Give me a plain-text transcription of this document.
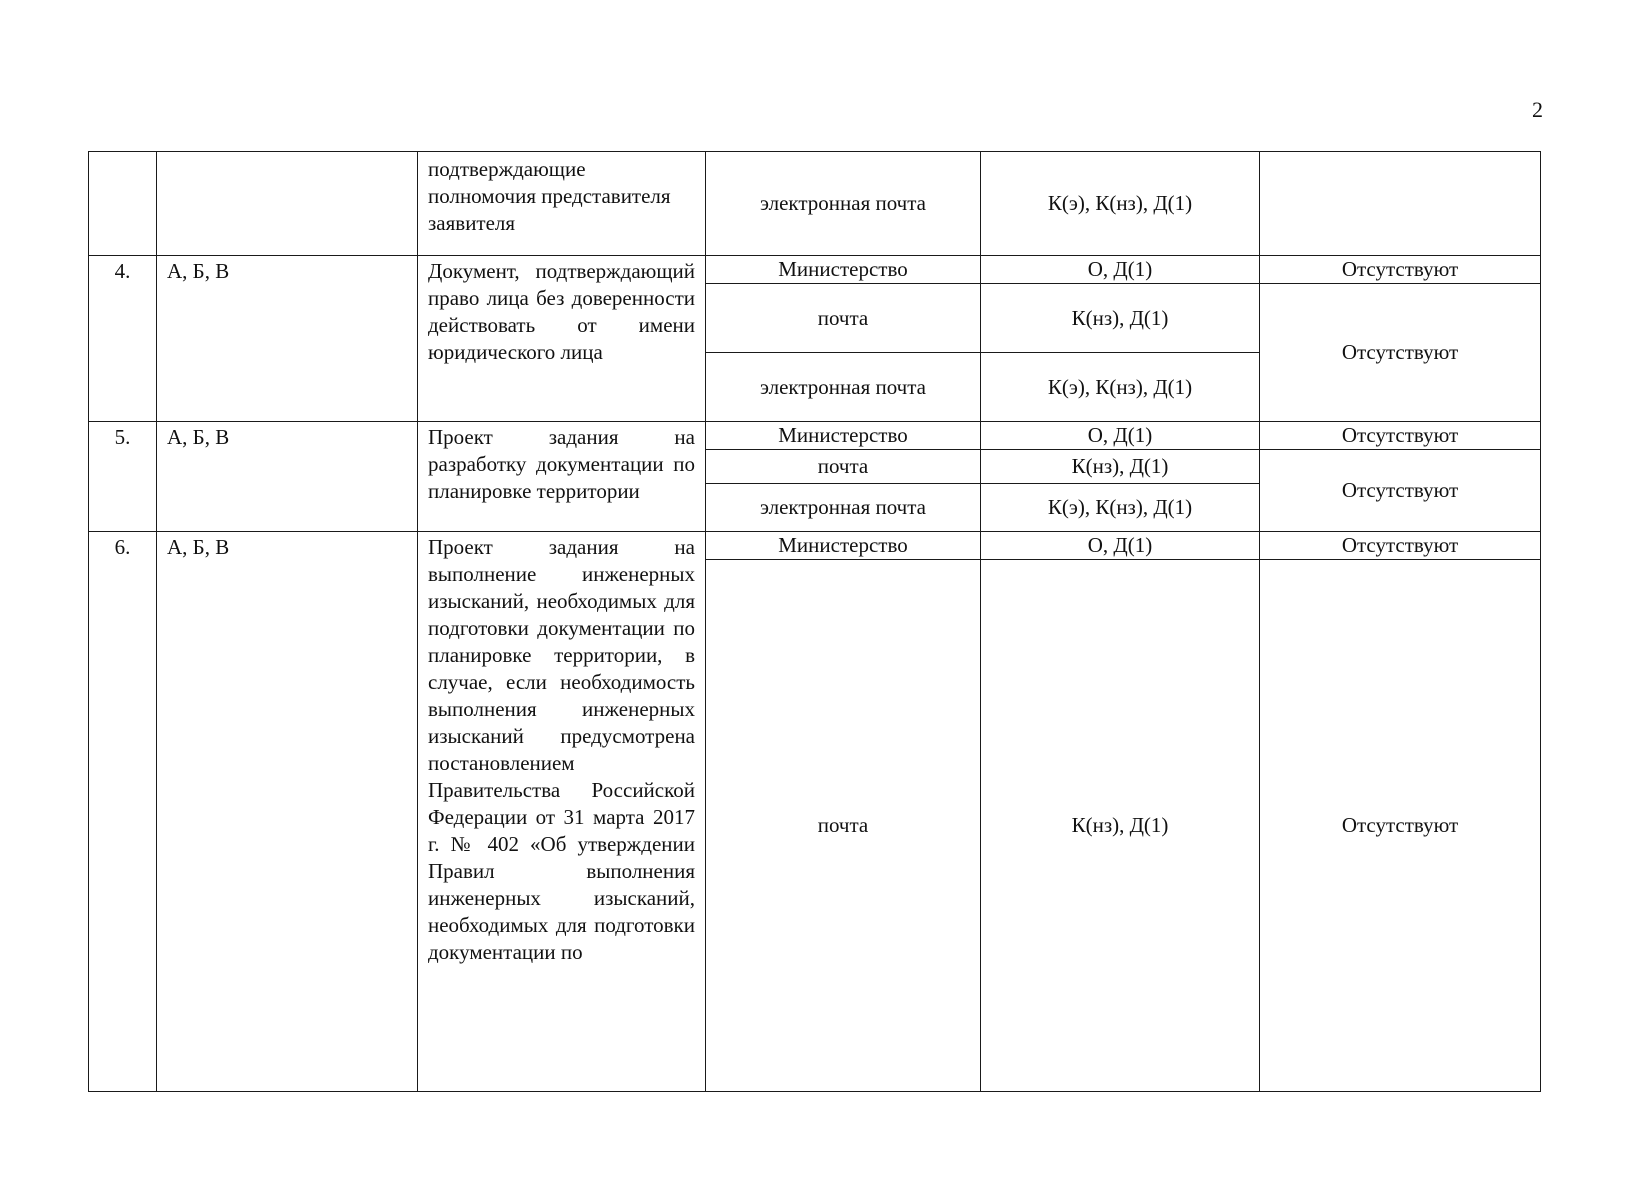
2
		подтверждающие полномочия представителя заявителя	электронная почта	К(э), К(нз), Д(1)	
4.	А, Б, В	Документ, подтверждающий право лица без доверенности действовать от имени юридического лица	Министерство	О, Д(1)	Отсутствуют
			почта	К(нз), Д(1)	Отсутствуют
			электронная почта	К(э), К(нз), Д(1)	
5.	А, Б, В	Проект задания на разработку документации по планировке территории	Министерство	О, Д(1)	Отсутствуют
			почта	К(нз), Д(1)	Отсутствуют
			электронная почта	К(э), К(нз), Д(1)	
6.	А, Б, В	Проект задания на выполнение инженерных изысканий, необходимых для подготовки документации по планировке территории, в случае, если необходимость выполнения инженерных изысканий предусмотрена постановлением Правительства Российской Федерации от 31 марта 2017 г. № 402 «Об утверждении Правил выполнения инженерных изысканий, необходимых для подготовки документации по	Министерство	О, Д(1)	Отсутствуют
			почта	К(нз), Д(1)	Отсутствуют
